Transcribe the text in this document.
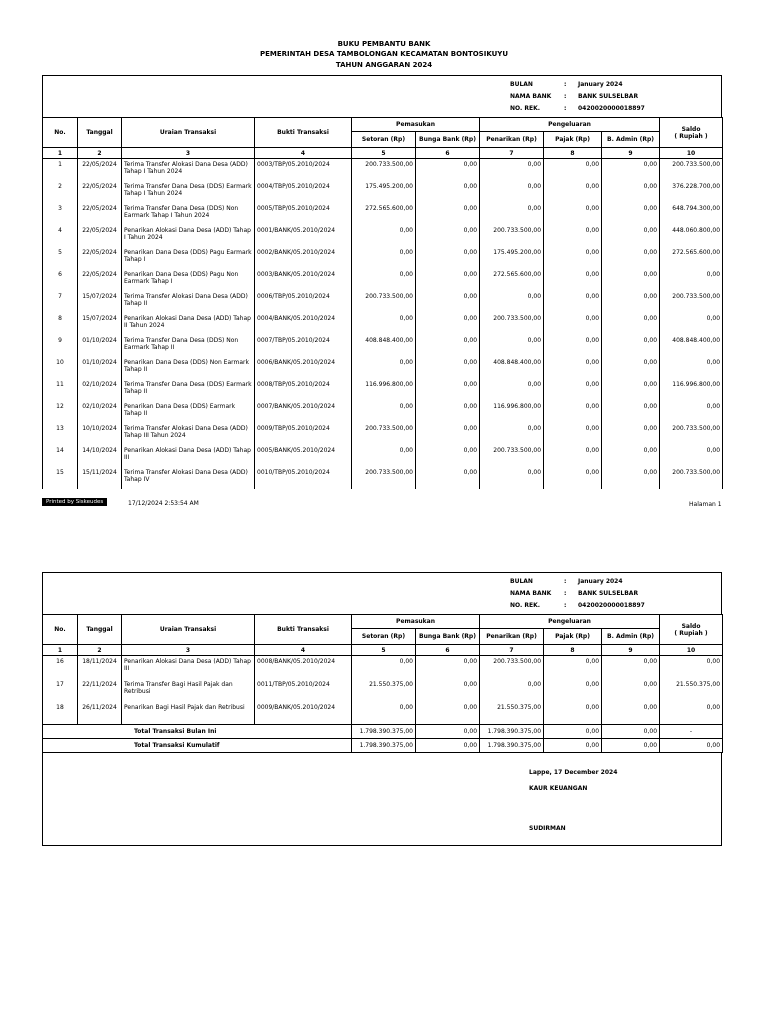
BUKU PEMBANTU BANK
PEMERINTAH DESA TAMBOLONGAN KECAMATAN BONTOSIKUYU
TAHUN ANGGARAN 2024
BULAN	: January 2024
NAMA BANK : BANK SULSELBAR
NO. REK.	: 0420020000018897
No.	Tanggal	Uraian Transaksi	Bukti Transaksi	Pemasukan		Pengeluaran			Saldo
( Rupiah )
				Setoran (Rp)	Bunga Bank (Rp)	Penarikan (Rp)	Pajak (Rp)	B. Admin (Rp)	
1	2	3	4	5	6	7	8	9	10
1	22/05/2024	Terima Transfer Alokasi Dana Desa (ADD) Tahap I Tahun 2024	0003/TBP/05.2010/2024	200.733.500,00	0,00	0,00	0,00	0,00	200.733.500,00
2	22/05/2024	Terima Transfer Dana Desa (DDS) Earmark Tahap I Tahun 2024	0004/TBP/05.2010/2024	175.495.200,00	0,00	0,00	0,00	0,00	376.228.700,00
3	22/05/2024	Terima Transfer Dana Desa (DDS) Non Earmark Tahap I Tahun 2024	0005/TBP/05.2010/2024	272.565.600,00	0,00	0,00	0,00	0,00	648.794.300,00
4	22/05/2024	Penarikan Alokasi Dana Desa (ADD) Tahap I Tahun 2024	0001/BANK/05.2010/2024	0,00	0,00	200.733.500,00	0,00	0,00	448.060.800,00
5	22/05/2024	Penarikan Dana Desa (DDS) Pagu Earmark Tahap I	0002/BANK/05.2010/2024	0,00	0,00	175.495.200,00	0,00	0,00	272.565.600,00
6	22/05/2024	Penarikan Dana Desa (DDS) Pagu Non Earmark Tahap I	0003/BANK/05.2010/2024	0,00	0,00	272.565.600,00	0,00	0,00	0,00
7	15/07/2024	Terima Transfer Alokasi Dana Desa (ADD) Tahap II	0006/TBP/05.2010/2024	200.733.500,00	0,00	0,00	0,00	0,00	200.733.500,00
8	15/07/2024	Penarikan Alokasi Dana Desa (ADD) Tahap II Tahun 2024	0004/BANK/05.2010/2024	0,00	0,00	200.733.500,00	0,00	0,00	0,00
9	01/10/2024	Terima Transfer Dana Desa (DDS) Non Earmark Tahap II	0007/TBP/05.2010/2024	408.848.400,00	0,00	0,00	0,00	0,00	408.848.400,00
10	01/10/2024	Penarikan Dana Desa (DDS) Non Earmark Tahap II	0006/BANK/05.2010/2024	0,00	0,00	408.848.400,00	0,00	0,00	0,00
11	02/10/2024	Terima Transfer Dana Desa (DDS) Earmark Tahap II	0008/TBP/05.2010/2024	116.996.800,00	0,00	0,00	0,00	0,00	116.996.800,00
12	02/10/2024	Penarikan Dana Desa (DDS) Earmark Tahap II	0007/BANK/05.2010/2024	0,00	0,00	116.996.800,00	0,00	0,00	0,00
13	10/10/2024	Terima Transfer Alokasi Dana Desa (ADD) Tahap III Tahun 2024	0009/TBP/05.2010/2024	200.733.500,00	0,00	0,00	0,00	0,00	200.733.500,00
14	14/10/2024	Penarikan Alokasi Dana Desa (ADD) Tahap III	0005/BANK/05.2010/2024	0,00	0,00	200.733.500,00	0,00	0,00	0,00
15	15/11/2024	Terima Transfer Alokasi Dana Desa (ADD) Tahap IV	0010/TBP/05.2010/2024	200.733.500,00	0,00	0,00	0,00	0,00	200.733.500,00
Printed by Siskeudes	17/12/2024 2:53:54 AM	Halaman 1
BULAN	: January 2024
NAMA BANK : BANK SULSELBAR
NO. REK.	: 0420020000018897
No.	Tanggal	Uraian Transaksi	Bukti Transaksi	Pemasukan		Pengeluaran			Saldo
( Rupiah )
				Setoran (Rp)	Bunga Bank (Rp)	Penarikan (Rp)	Pajak (Rp)	B. Admin (Rp)	
1	2	3	4	5	6	7	8	9	10
16	18/11/2024	Penarikan Alokasi Dana Desa (ADD) Tahap III	0008/BANK/05.2010/2024	0,00	0,00	200.733.500,00	0,00	0,00	0,00
17	22/11/2024	Terima Transfer Bagi Hasil Pajak dan Retribusi	0011/TBP/05.2010/2024	21.550.375,00	0,00	0,00	0,00	0,00	21.550.375,00
18	26/11/2024	Penarikan Bagi Hasil Pajak dan Retribusi	0009/BANK/05.2010/2024	0,00	0,00	21.550.375,00	0,00	0,00	0,00
Total Transaksi Bulan Ini				1.798.390.375,00	0,00	1.798.390.375,00	0,00	0,00	-
Total Transaksi Kumulatif				1.798.390.375,00	0,00	1.798.390.375,00	0,00	0,00	0,00
Lappe, 17 December 2024
KAUR KEUANGAN
SUDIRMAN
